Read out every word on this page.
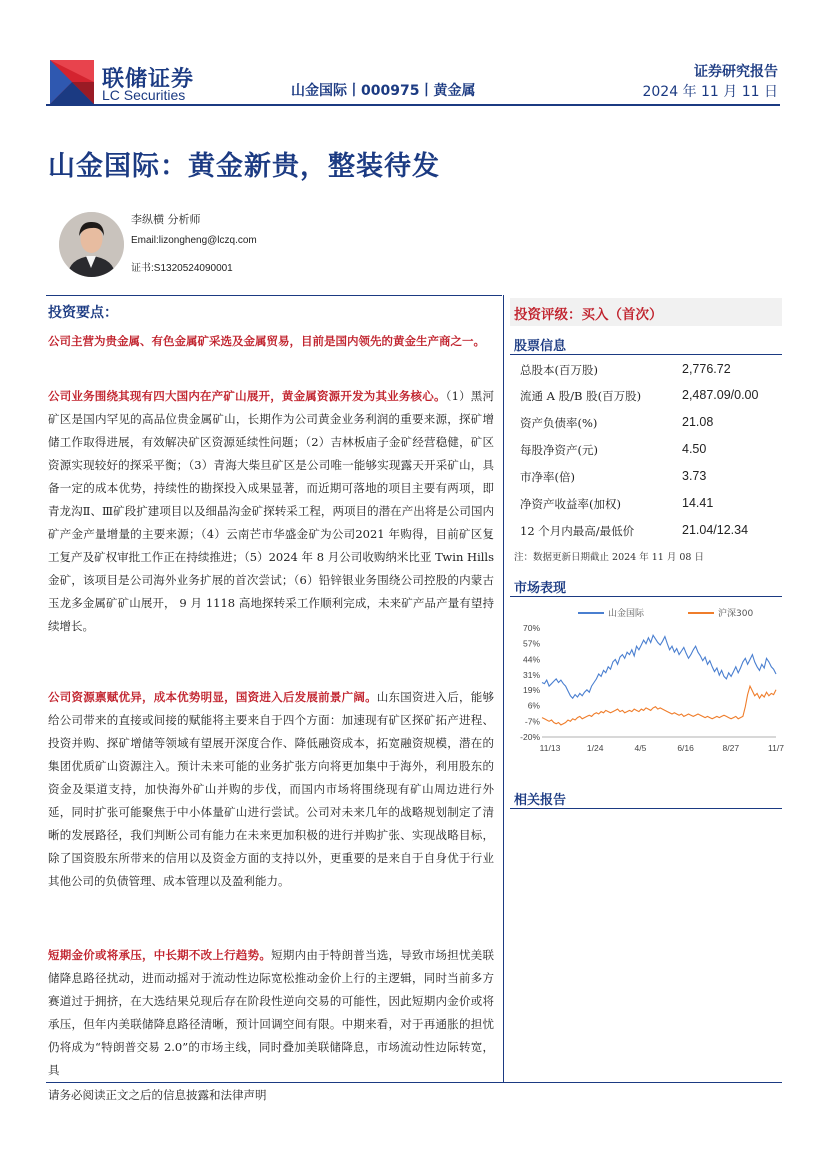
联储证券
LC Securities	山金国际丨000975丨黄金属
证券研究报告
2024 年 11 月 11 日
山金国际：黄金新贵，整装待发
李纵横 分析师
Email:lizongheng@lczq.com
证书:S1320524090001
投资要点：
公司主营为贵金属、有色金属矿采选及金属贸易，目前是国内领先的黄金生产商之一。
公司业务围绕其现有四大国内在产矿山展开，黄金属资源开发为其业务核心。（1）黑河矿区是国内罕见的高品位贵金属矿山，长期作为公司黄金业务利润的重要来源，探矿增储工作取得进展，有效解决矿区资源延续性问题；（2）吉林板庙子金矿经营稳健，矿区资源实现较好的探采平衡；（3）青海大柴旦矿区是公司唯一能够实现露天开采矿山，具备一定的成本优势，持续性的勘探投入成果显著，而近期可落地的项目主要有两项，即青龙沟Ⅱ、Ⅲ矿段扩建项目以及细晶沟金矿探转采工程，两项目的潜在产出将是公司国内矿产金产量增量的主要来源；（4）云南芒市华盛金矿为公司2021 年购得，目前矿区复工复产及矿权审批工作正在持续推进；（5）2024 年 8 月公司收购纳米比亚 Twin Hills 金矿，该项目是公司海外业务扩展的首次尝试；（6）铅锌银业务围绕公司控股的内蒙古玉龙多金属矿矿山展开， 9 月 1118 高地探转采工作顺利完成，未来矿产品产量有望持续增长。
公司资源禀赋优异，成本优势明显，国资进入后发展前景广阔。山东国资进入后，能够给公司带来的直接或间接的赋能将主要来自于四个方面：加速现有矿区探矿拓产进程、投资并购、探矿增储等领域有望展开深度合作、降低融资成本，拓宽融资规模，潜在的集团优质矿山资源注入。预计未来可能的业务扩张方向将更加集中于海外，利用股东的资金及渠道支持，加快海外矿山并购的步伐，而国内市场将围绕现有矿山周边进行外延，同时扩张可能聚焦于中小体量矿山进行尝试。公司对未来几年的战略规划制定了清晰的发展路径，我们判断公司有能力在未来更加积极的进行并购扩张、实现战略目标，除了国资股东所带来的信用以及资金方面的支持以外，更重要的是来自于自身优于行业其他公司的负债管理、成本管理以及盈利能力。
短期金价或将承压，中长期不改上行趋势。短期内由于特朗普当选，导致市场担忧美联储降息路径扰动，进而动摇对于流动性边际宽松推动金价上行的主逻辑，同时当前多方赛道过于拥挤，在大选结果兑现后存在阶段性逆向交易的可能性，因此短期内金价或将承压，但年内美联储降息路径清晰，预计回调空间有限。中期来看，对于再通胀的担忧仍将成为“特朗普交易 2.0”的市场主线，同时叠加美联储降息，市场流动性边际转宽，具
投资评级：买入（首次）
股票信息
总股本(百万股)	2,776.72
流通 A 股/B 股(百万股)	2,487.09/0.00
资产负债率(%)	21.08
每股净资产(元)	4.50
市净率(倍)	3.73
净资产收益率(加权)	14.41
12 个月内最高/最低价	21.04/12.34
注：数据更新日期截止 2024 年 11 月 08 日
市场表现
山金国际	沪深300
70%
57%
44%
31%
19%
6%
-7%
-20%
11/13	1/24	4/5	6/16	8/27	11/7
相关报告
请务必阅读正文之后的信息披露和法律声明
